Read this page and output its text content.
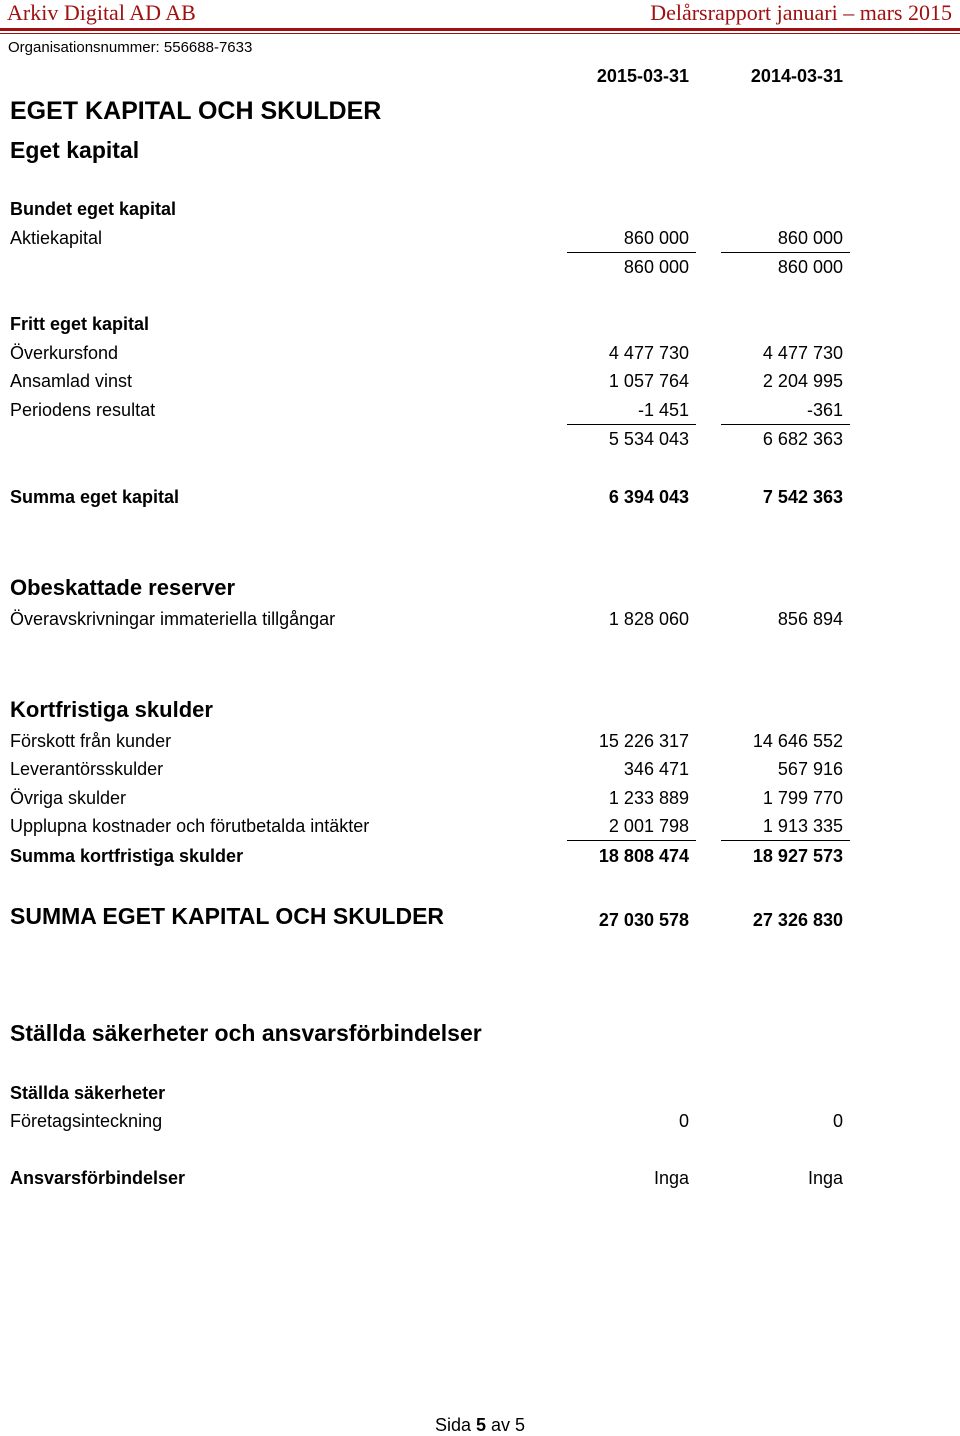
Arkiv Digital AD AB	Delårsrapport januari – mars 2015
Organisationsnummer: 556688-7633
2015-03-31	2014-03-31
EGET KAPITAL OCH SKULDER
Eget kapital
Bundet eget kapital
Aktiekapital	860 000	860 000
860 000	860 000
Fritt eget kapital
Överkursfond	4 477 730	4 477 730
Ansamlad vinst	1 057 764	2 204 995
Periodens resultat	-1 451	-361
5 534 043	6 682 363
Summa eget kapital	6 394 043	7 542 363
Obeskattade reserver
Överavskrivningar immateriella tillgångar	1 828 060	856 894
Kortfristiga skulder
Förskott från kunder	15 226 317	14 646 552
Leverantörsskulder	346 471	567 916
Övriga skulder	1 233 889	1 799 770
Upplupna kostnader och förutbetalda intäkter	2 001 798	1 913 335
Summa kortfristiga skulder	18 808 474	18 927 573
SUMMA EGET KAPITAL OCH SKULDER	27 030 578	27 326 830
Ställda säkerheter och ansvarsförbindelser
Ställda säkerheter
Företagsinteckning	0	0
Ansvarsförbindelser	Inga	Inga
Sida 5 av 5
